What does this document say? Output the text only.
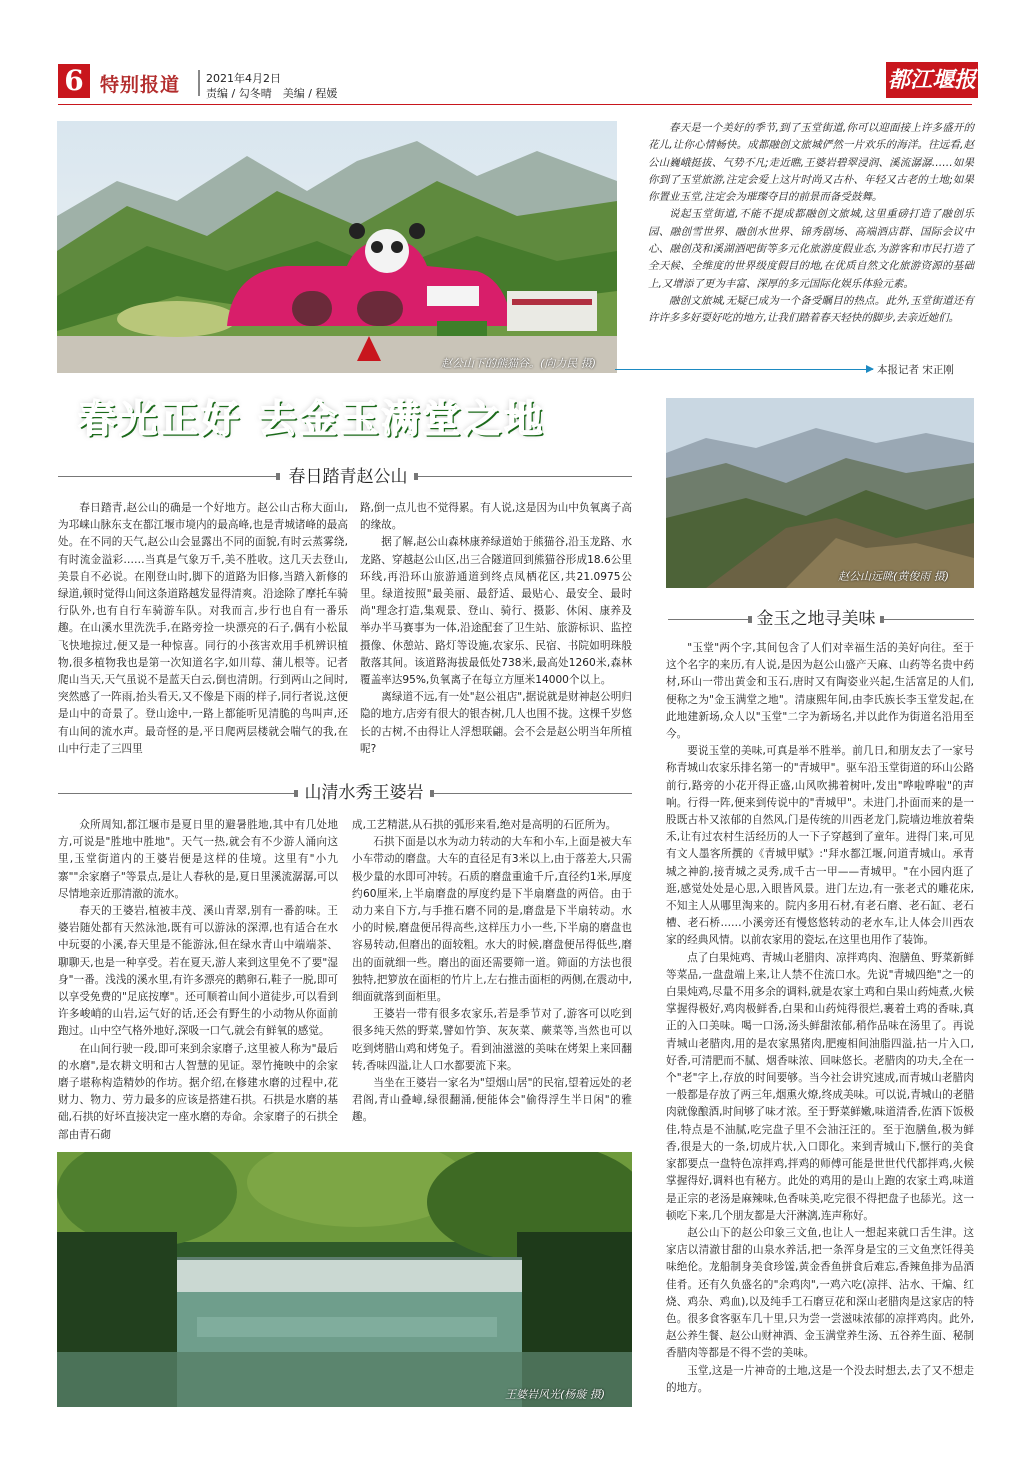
6 特别报道 2021年4月2日
责编 / 勾冬晴　美编 / 程媛
都江堰报
赵公山下的熊猫谷。(向力民 摄)

春天是一个美好的季节,到了玉堂街道,你可以迎面接上许多盛开的花儿,让你心情畅快。成都融创文旅城俨然一片欢乐的海洋。往远看,赵公山巍峨挺拔、气势不凡;走近瞧,王婆岩碧翠浸润、溪流潺潺……如果你到了玉堂旅游,注定会爱上这片时尚又古朴、年轻又古老的土地;如果你置业玉堂,注定会为璀璨夺目的前景而备受鼓舞。

说起玉堂街道,不能不提成都融创文旅城,这里重磅打造了融创乐园、融创雪世界、融创水世界、锦秀剧场、高端酒店群、国际会议中心、融创茂和溪湖酒吧街等多元化旅游度假业态,为游客和市民打造了全天候、全维度的世界级度假目的地,在优质自然文化旅游资源的基础上,又增添了更为丰富、深厚的多元国际化娱乐体验元素。

融创文旅城,无疑已成为一个备受瞩目的热点。此外,玉堂街道还有许许多多好耍好吃的地方,让我们踏着春天轻快的脚步,去亲近她们。

本报记者 宋正刚
春光正好 去金玉满堂之地
赵公山远眺(黄俊雨 摄)
春日踏青赵公山

春日踏青,赵公山的确是一个好地方。赵公山古称大面山,为邛崃山脉东支在都江堰市境内的最高峰,也是青城诸峰的最高处。在不同的天气,赵公山会显露出不同的面貌,有时云蒸雾绕,有时流金溢彩……当真是气象万千,美不胜收。这几天去登山,美景自不必说。在刚登山时,脚下的道路为旧修,当踏入新修的绿道,顿时觉得山间这条道路越发显得清爽。沿途除了摩托车骑行队外,也有自行车骑游车队。对我而言,步行也自有一番乐趣。在山溪水里洗洗手,在路旁捡一块漂亮的石子,偶有小松鼠飞快地掠过,便又是一种惊喜。同行的小孩害欢用手机辨识植物,很多植物我也是第一次知道名字,如川莓、蒲儿根等。记者爬山当天,天气虽说不是蓝天白云,倒也清朗。行到两山之间时,突然感了一阵雨,抬头看天,又不像是下雨的样子,同行者说,这便是山中的奇景了。登山途中,一路上都能听见清脆的鸟叫声,还有山间的流水声。最奇怪的是,平日爬两层楼就会喘气的我,在山中行走了三四里

路,倒一点儿也不觉得累。有人说,这是因为山中负氧离子高的缘故。

据了解,赵公山森林康养绿道始于熊猫谷,沿玉龙路、水龙路、穿越赵公山区,出三合隧道回到熊猫谷形成18.6公里环线,再沿环山旅游通道到终点凤栖花区,共21.0975公里。绿道按照"最美丽、最舒适、最贴心、最安全、最时尚"理念打造,集观景、登山、骑行、摄影、休闲、康养及举办半马赛事为一体,沿途配套了卫生站、旅游标识、监控摄像、休憩站、路灯等设施,农家乐、民宿、书院如明珠般散落其间。该道路海拔最低处738米,最高处1260米,森林覆盖率达95%,负氧离子在每立方厘米14000个以上。

离绿道不远,有一处"赵公祖店",据说就是财神赵公明归隐的地方,店旁有很大的银杏树,几人也围不拢。这棵千岁悠长的古树,不由得让人浮想联翩。会不会是赵公明当年所植呢?

山清水秀王婆岩

众所周知,都江堰市是夏日里的避暑胜地,其中有几处地方,可说是"胜地中胜地"。天气一热,就会有不少游人涌向这里,玉堂街道内的王婆岩便是这样的佳境。这里有"小九寨""余家磨子"等景点,是让人春秋的是,夏日里溪流潺潺,可以尽情地亲近那清澈的流水。

春天的王婆岩,植被丰茂、溪山青翠,别有一番韵味。王婆岩随处都有天然泳池,既有可以游泳的深潭,也有适合在水中玩耍的小溪,春天里是不能游泳,但在绿水青山中端端茶、聊聊天,也是一种享受。若在夏天,游人来到这里免不了要"湿身"一番。浅浅的溪水里,有许多漂亮的鹅卵石,鞋子一脱,即可以享受免费的"足底按摩"。还可顺着山间小道徒步,可以看到许多峻峭的山岩,运气好的话,还会有野生的小动物从你面前跑过。山中空气格外地好,深吸一口气,就会有鲜氧的感觉。

在山间行驶一段,即可来到余家磨子,这里被人称为"最后的水磨",是农耕文明和古人智慧的见证。翠竹掩映中的余家磨子堪称构造精妙的作坊。据介绍,在修建水磨的过程中,花财力、物力、劳力最多的应该是搭建石拱。石拱是水磨的基础,石拱的好坏直接决定一座水磨的寿命。余家磨子的石拱全部由青石砌

成,工艺精湛,从石拱的弧形来看,绝对是高明的石匠所为。

石拱下面是以水为动力转动的大车和小车,上面是被大车小车带动的磨盘。大车的直径足有3米以上,由于落差大,只需极少量的水即可冲转。石质的磨盘重逾千斤,直径约1米,厚度约60厘米,上半扇磨盘的厚度约是下半扇磨盘的两倍。由于动力来自下方,与手推石磨不同的是,磨盘是下半扇转动。水小的时候,磨盘便吊得高些,这样压力小一些,下半扇的磨盘也容易转动,但磨出的面较粗。水大的时候,磨盘便吊得低些,磨出的面就细一些。磨出的面还需要筛一道。筛面的方法也很独特,把箩放在面柜的竹片上,左右推击面柜的两侧,在震动中,细面就落到面柜里。

王婆岩一带有很多农家乐,若是季节对了,游客可以吃到很多纯天然的野菜,譬如竹笋、灰灰菜、蕨菜等,当然也可以吃到烤腊山鸡和烤兔子。看到油滋滋的美味在烤架上来回翻转,香味四溢,让人口水都要流下来。

当坐在王婆岩一家名为"望烟山居"的民宿,望着远处的老君阁,青山叠嶂,绿很翻涌,便能体会"偷得浮生半日闲"的雅趣。

王婆岩风光(杨璇 摄)
金玉之地寻美味

"玉堂"两个字,其间包含了人们对幸福生活的美好向往。至于这个名字的来历,有人说,是因为赵公山盛产天麻、山药等名贵中药材,环山一带出黄金和玉石,唐时又有陶姿业兴起,生活富足的人们,便称之为"金玉满堂之地"。清康熙年间,由李氏族长李玉堂发起,在此地建新场,众人以"玉堂"二字为新场名,并以此作为街道名沿用至今。

要说玉堂的美味,可真是举不胜举。前几日,和朋友去了一家号称青城山农家乐排名第一的"青城甲"。驱车沿玉堂街道的环山公路前行,路旁的小花开得正盛,山风吹拂着树叶,发出"哗啦哗啦"的声响。行得一阵,便来到传说中的"青城甲"。未进门,扑面而来的是一股既古朴又浓郁的自然风,门是传统的川西老龙门,院墙边堆放着柴禾,让有过农村生活经历的人一下子穿越到了童年。进得门来,可见有文人墨客所撰的《青城甲赋》:"拜水都江堰,问道青城山。承青城之神韵,接青城之灵秀,成千古一甲——青城甲。"在小园内逛了逛,感觉处处是心思,入眼皆风景。进门左边,有一张老式的雕花床,不知主人从哪里淘来的。院内多用石材,有老石磨、老石缸、老石槽、老石桥……小溪旁还有慢悠悠转动的老水车,让人体会川西农家的经典风情。以前农家用的瓷坛,在这里也用作了装饰。

点了白果炖鸡、青城山老腊肉、凉拌鸡肉、泡膳鱼、野菜新鲜等菜品,一盘盘端上来,让人禁不住流口水。先说"青城四绝"之一的白果炖鸡,尽量不用多余的调料,就是农家土鸡和白果山药炖煮,火候掌握得极好,鸡肉极鲜香,白果和山药炖得很烂,裹着土鸡的香味,真正的入口美味。喝一口汤,汤头鲜甜浓郁,稍作品味在汤里了。再说青城山老腊肉,用的是农家黑猪肉,肥瘦相间油脂四溢,拈一片入口,好香,可清肥而不腻、烟香味浓、回味悠长。老腊肉的功夫,全在一个"老"字上,存放的时间要够。当今社会讲究速成,而青城山老腊肉一般都是存放了两三年,烟熏火燎,终成美味。可以说,青城山的老腊肉就像酿酒,时间够了味才浓。至于野菜鲜嫩,味道清香,佐酒下饭极佳,特点是不油腻,吃完盘子里不会油汪汪的。至于泡膳鱼,极为鲜香,很是大的一条,切成片状,入口即化。来到青城山下,惬行的美食家都要点一盘特色凉拌鸡,拌鸡的师傅可能是世世代代都拌鸡,火候掌握得好,调料也有秘方。此处的鸡用的是山上跑的农家土鸡,味道是正宗的老汤是麻辣味,色香味美,吃完很不得把盘子也舔光。这一顿吃下来,几个朋友都是大汗淋漓,连声称好。

赵公山下的赵公印象三文鱼,也让人一想起来就口舌生津。这家店以清澈甘甜的山泉水养活,把一条浑身是宝的三文鱼烹饪得美味绝伦。龙船制身美食珍馐,黄金香鱼拼食后难忘,香辣鱼排为品酒佳肴。还有久负盛名的"余鸡肉",一鸡六吃(凉拌、沾水、干煸、红烧、鸡杂、鸡血),以及纯手工石磨豆花和深山老腊肉是这家店的特色。很多食客驱车几十里,只为尝一尝滋味浓郁的凉拌鸡肉。此外,赵公养生餐、赵公山财神酒、金玉满堂养生汤、五谷养生面、秘制香腊肉等都是不得不尝的美味。

玉堂,这是一片神奇的土地,这是一个没去时想去,去了又不想走的地方。
